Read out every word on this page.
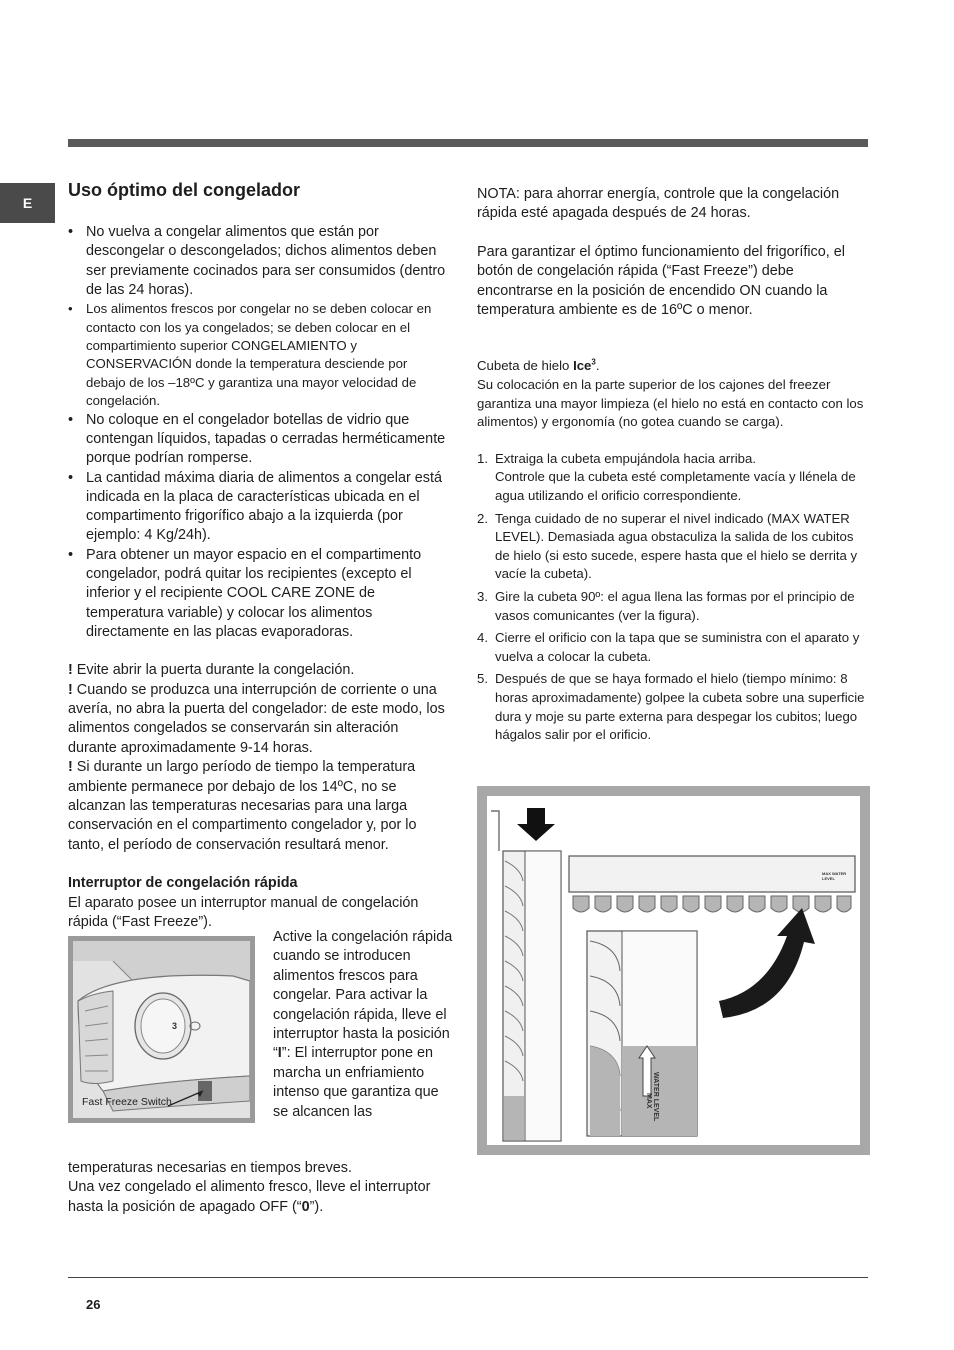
E
Uso óptimo del congelador
• No vuelva a congelar alimentos que están por descongelar o descongelados; dichos alimentos deben ser previamente cocinados para ser consumidos (dentro de las 24 horas).
• Los alimentos frescos por congelar no se deben colocar en contacto con los ya congelados; se deben colocar en el compartimiento superior CONGELAMIENTO y CONSERVACIÓN donde la temperatura desciende por debajo de los –18ºC y garantiza una mayor velocidad de congelación.
• No coloque en el congelador botellas de vidrio que contengan líquidos, tapadas o cerradas herméticamente porque podrían romperse.
• La cantidad máxima diaria de alimentos a congelar está indicada en la placa de características ubicada en el compartimento frigorífico abajo a la izquierda (por ejemplo: 4 Kg/24h).
• Para obtener un mayor espacio en el compartimento congelador, podrá quitar los recipientes (excepto el inferior y el recipiente COOL CARE ZONE de temperatura variable) y colocar los alimentos directamente en las placas evaporadoras.

! Evite abrir la puerta durante la congelación.

! Cuando se produzca una interrupción de corriente o una avería, no abra la puerta del congelador: de este modo, los alimentos congelados se conservarán sin alteración durante aproximadamente 9-14 horas.

! Si durante un largo período de tiempo la temperatura ambiente permanece por debajo de los 14ºC, no se alcanzan las temperaturas necesarias para una larga conservación en el compartimento congelador y, por lo tanto, el período de conservación resultará menor.

Interruptor de congelación rápida

El aparato posee un interruptor manual de congelación rápida (“Fast Freeze”).

3
Fast Freeze Switch

Active la congelación rápida cuando se introducen alimentos frescos para congelar. Para activar la congelación rápida, lleve el interruptor hasta la posición “I”: El interruptor pone en marcha un enfriamiento intenso que garantiza que se alcancen las

temperaturas necesarias en tiempos breves.

Una vez congelado el alimento fresco, lleve el interruptor hasta la posición de apagado OFF (“0”).

NOTA: para ahorrar energía, controle que la congelación rápida esté apagada después de 24 horas.

Para garantizar el óptimo funcionamiento del frigorífico, el botón de congelación rápida (“Fast Freeze”) debe encontrarse en la posición de encendido ON cuando la temperatura ambiente es de 16ºC o menor.

Cubeta de hielo Ice$^3$.

Su colocación en la parte superior de los cajones del freezer garantiza una mayor limpieza (el hielo no está en contacto con los alimentos) y ergonomía (no gotea cuando se carga).

1. Extraiga la cubeta empujándola hacia arriba.
Controle que la cubeta esté completamente vacía y llénela de agua utilizando el orificio correspondiente.
2. Tenga cuidado de no superar el nivel indicado (MAX WATER LEVEL). Demasiada agua obstaculiza la salida de los cubitos de hielo (si esto sucede, espere hasta que el hielo se derrita y vacíe la cubeta).
3. Gire la cubeta 90º: el agua llena las formas por el principio de vasos comunicantes (ver la figura).
4. Cierre el orificio con la tapa que se suministra con el aparato y vuelva a colocar la cubeta.
5. Después de que se haya formado el hielo (tiempo mínimo: 8 horas aproximadamente) golpee la cubeta sobre una superficie dura y moje su parte externa para despegar los cubitos; luego hágalos salir por el orificio.
MAX WATER LEVEL
MAX WATER LEVEL
26
